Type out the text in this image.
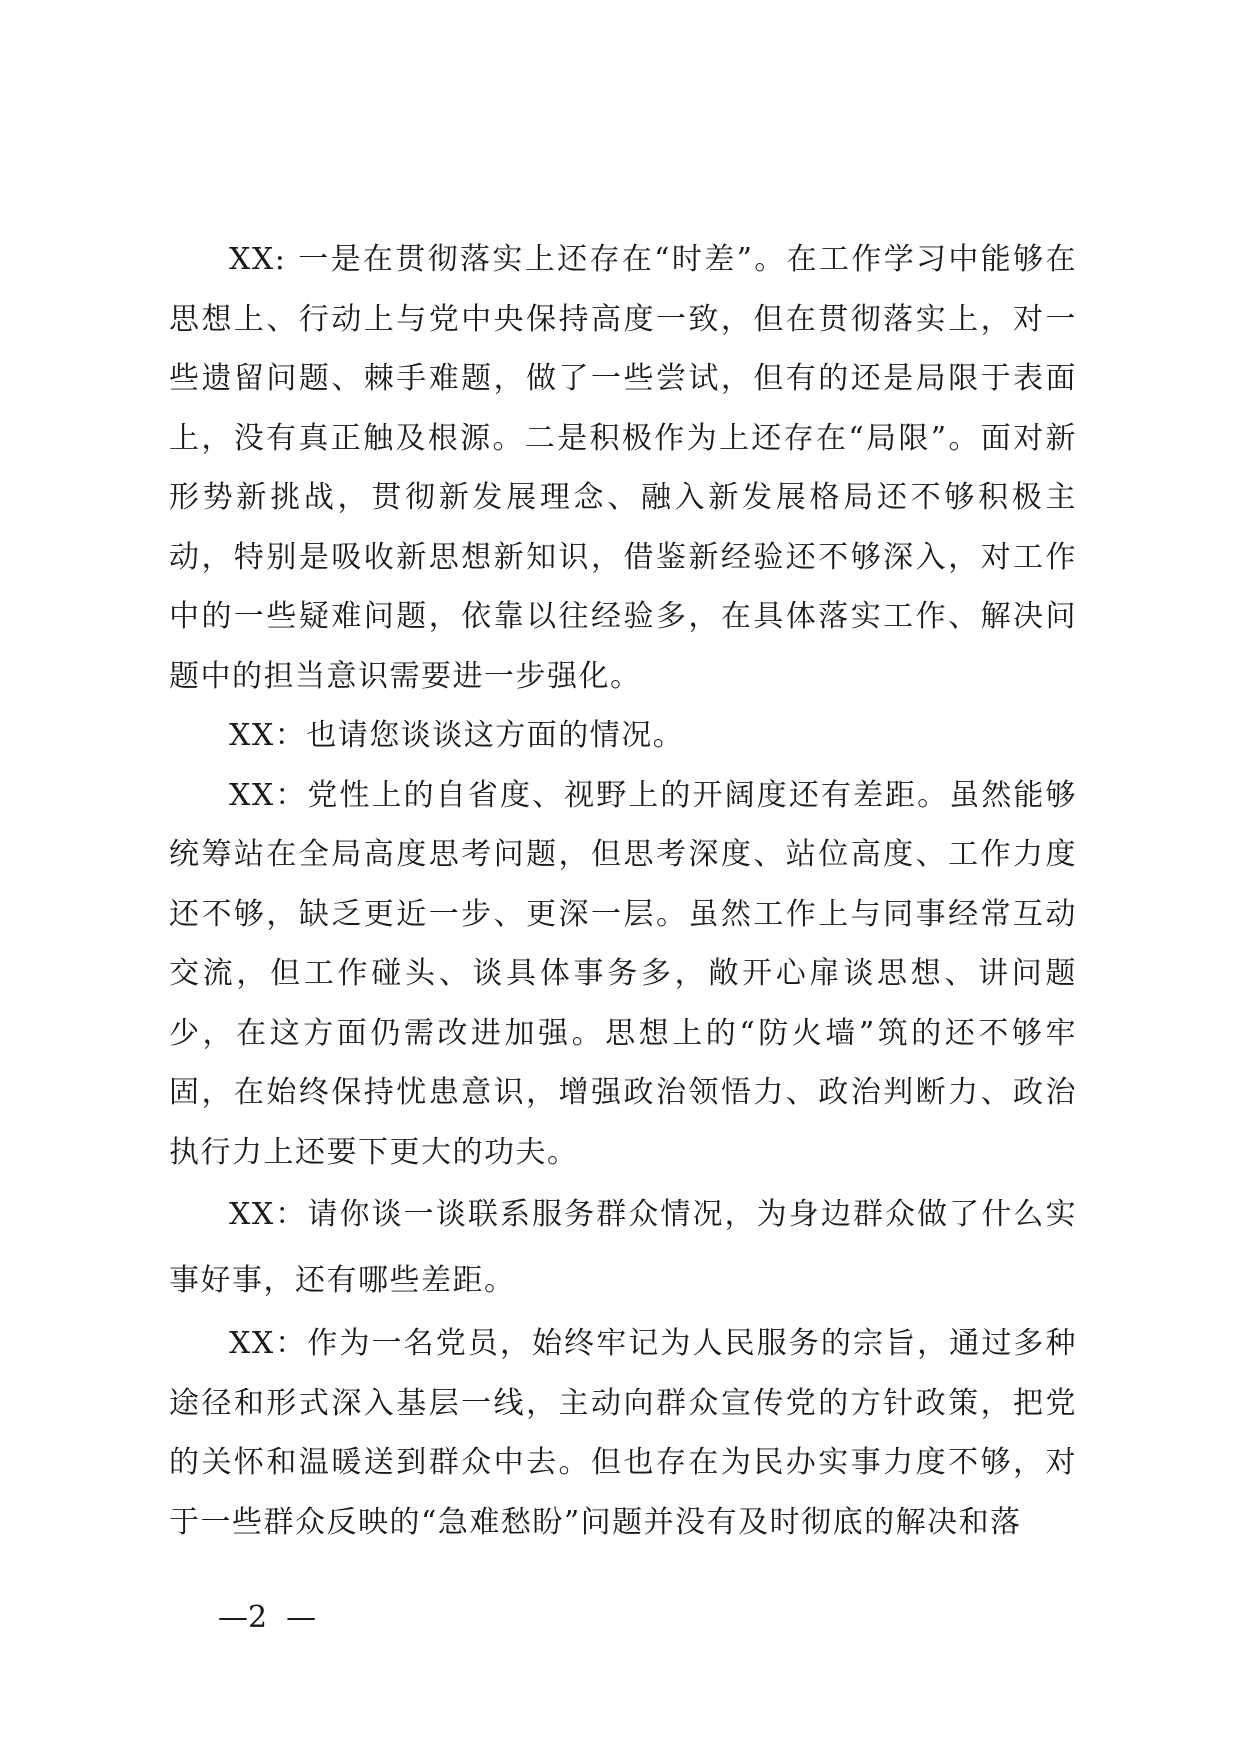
XX: 一是在贯彻落实上还存在“时差”。在工作学习中能够在思想上、行动上与党中央保持高度一致，但在贯彻落实上，对一些遗留问题、棘手难题，做了一些尝试，但有的还是局限于表面上，没有真正触及根源。二是积极作为上还存在“局限”。面对新形势新挑战，贯彻新发展理念、融入新发展格局还不够积极主动，特别是吸收新思想新知识，借鉴新经验还不够深入，对工作中的一些疑难问题，依靠以往经验多，在具体落实工作、解决问题中的担当意识需要进一步强化。

XX：也请您谈谈这方面的情况。

XX：党性上的自省度、视野上的开阔度还有差距。虽然能够统筹站在全局高度思考问题，但思考深度、站位高度、工作力度还不够，缺乏更近一步、更深一层。虽然工作上与同事经常互动交流，但工作碰头、谈具体事务多，敞开心扉谈思想、讲问题少，在这方面仍需改进加强。思想上的“防火墙”筑的还不够牢固，在始终保持忧患意识，增强政治领悟力、政治判断力、政治执行力上还要下更大的功夫。

XX：请你谈一谈联系服务群众情况，为身边群众做了什么实事好事，还有哪些差距。

XX：作为一名党员，始终牢记为人民服务的宗旨，通过多种途径和形式深入基层一线，主动向群众宣传党的方针政策，把党的关怀和温暖送到群众中去。但也存在为民办实事力度不够，对于一些群众反映的“急难愁盼”问题并没有及时彻底的解决和落

—2  —
